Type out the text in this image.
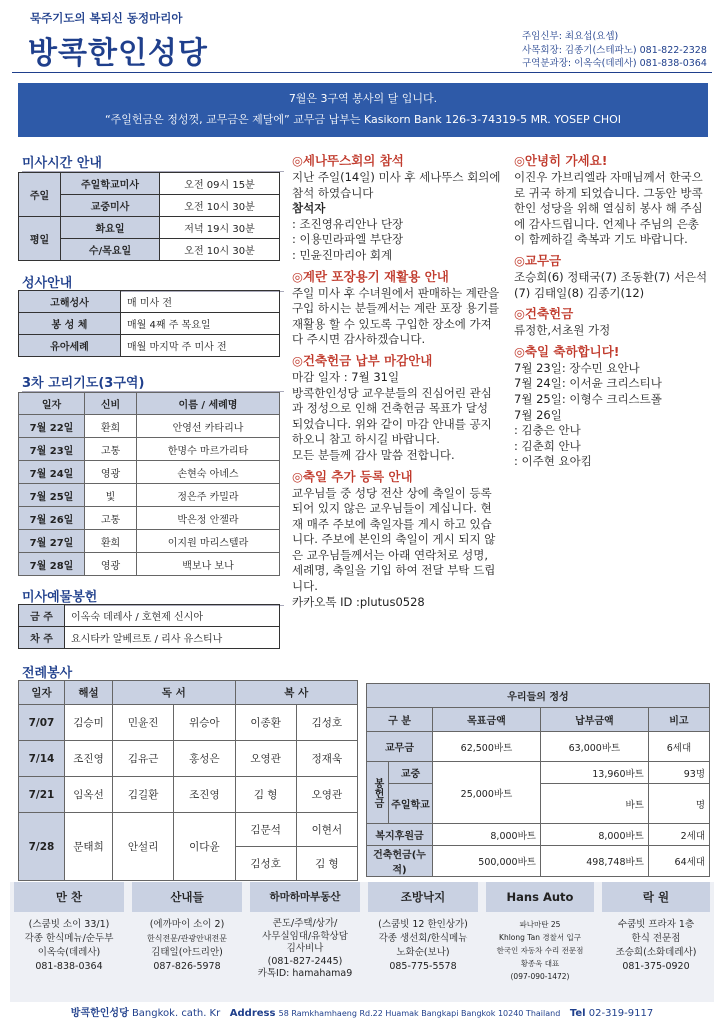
묵주기도의 복되신 동정마리아
방콕한인성당	주임신부: 최요섭(요셉)
사목회장: 김종기(스테파노) 081-822-2328
구역분과장: 이옥숙(데레사) 081-838-0364
7월은 3구역 봉사의 달 입니다.
“주일헌금은 정성껏, 교무금은 제달에” 교무금 납부는 Kasikorn Bank 126-3-74319-5 MR. YOSEP CHOI
미사시간 안내
주일	주일학교미사	오전 09시 15분
	교중미사	오전 10시 30분
평일	화요일	저녁 19시 30분
	수/목요일	오전 10시 30분
성사안내
고해성사	매 미사 전
봉 성 체	매월 4째 주 목요일
유아세례	매월 마지막 주 미사 전
3차 고리기도(3구역)
일자	신비	이름 / 세례명
7월 22일	환희	안영선 카타리나
7월 23일	고통	한명수 마르가리타
7월 24일	영광	손현숙 아녜스
7월 25일	빛	정은주 카밀라
7월 26일	고통	박은정 안젤라
7월 27일	환희	이지원 마리스텔라
7월 28일	영광	백보나 보나
미사예물봉헌
금 주	이옥숙 데레사 / 호현제 신시아
차 주	요시타카 알베르토 / 리사 유스티나
◎세나뚜스회의 참석
지난 주일(14일) 미사 후 세나뚜스 회의에 참석 하였습니다
참석자
: 조진영유리안나 단장
: 이용민라파엘 부단장
: 민윤진마리아 회계
◎계란 포장용기 재활용 안내
주일 미사 후 수녀원에서 판매하는 계란을 구입 하시는 분들께서는 계란 포장 용기를 재활용 할 수 있도록 구입한 장소에 가져다 주시면 감사하겠습니다.
◎건축헌금 납부 마감안내
마감 일자 : 7월 31일
방콕한인성당 교우분들의 진심어린 관심과 정성으로 인해 건축헌금 목표가 달성 되었습니다. 위와 같이 마감 안내를 공지 하오니 참고 하시길 바랍니다.
모든 분들께 감사 말씀 전합니다.
◎축일 추가 등록 안내
교우님들 중 성당 전산 상에 축일이 등록 되어 있지 않은 교우님들이 계십니다. 현재 매주 주보에 축일자를 게시 하고 있습니다. 주보에 본인의 축일이 게시 되지 않은 교우님들께서는 아래 연락처로 성명, 세례명, 축일을 기입 하여 전달 부탁 드립니다.
카카오톡 ID :plutus0528
◎안녕히 가세요!
이진우 가브리엘라 자매님께서 한국으로 귀국 하게 되었습니다. 그동안 방콕한인 성당을 위해 열심히 봉사 해 주심에 감사드립니다. 언제나 주님의 은총이 함께하길 축복과 기도 바랍니다.
◎교무금
조승희(6) 정태국(7) 조동환(7) 서은석(7) 김태일(8) 김종기(12)
◎건축헌금
류정한,서초원 가정
◎축일 축하합니다!
7월 23일: 장수민 요안나
7월 24일: 이서윤 크리스티나
7월 25일: 이형수 크리스트폴
7월 26일
: 김충은 안나
: 김춘희 안나
: 이주현 요아킴
전례봉사
일자	해설	독 서		복 사	
7/07	김승미	민윤진	위승아	이종환	김성호
7/14	조진영	김유근	홍성은	오영관	정재욱
7/21	임옥선	김길환	조진영	김 형	오영관
7/28	문태희	안설리	이다윤	김문석	이현서
				김성호	김 형
우리들의 정성				
구 분		목표금액	납부금액	비고
교무금		62,500바트	63,000바트	6세대
봉헌금	교중	25,000바트	13,960바트	93명
	주일학교		바트	명
복지후원금		8,000바트	8,000바트	2세대
건축헌금(누적)		500,000바트	498,748바트	64세대
만 찬
(스쿰빗 소이 33/1)
각종 한식메뉴/순두부
이옥숙(데레사)
081-838-0364
산내들
(에까마이 소이 2)
한식전문/관광안내전문
김태일(아드리안)
087-826-5978
하마하마부동산
콘도/주택/상가/
사무실임대/유학상담
김사비나
(081-827-2445)
카톡ID: hamahama9
조방낙지
(스쿰빗 12 한인상가)
각종 생선회/한식메뉴
노화순(보나)
085-775-5578
Hans Auto
파나마탄 25
Khlong Tan 경찰서 입구
한국인 자동차 수리 전문점
황종욱 대표
(097-090-1472)
락 원
수쿰빗 프라자 1층
한식 전문점
조승희(소화데레사)
081-375-0920
방콕한인성당 Bangkok. cath. Kr Address 58 Ramkhamhaeng Rd.22 Huamak Bangkapi Bangkok 10240 Thailand Tel 02-319-9117
